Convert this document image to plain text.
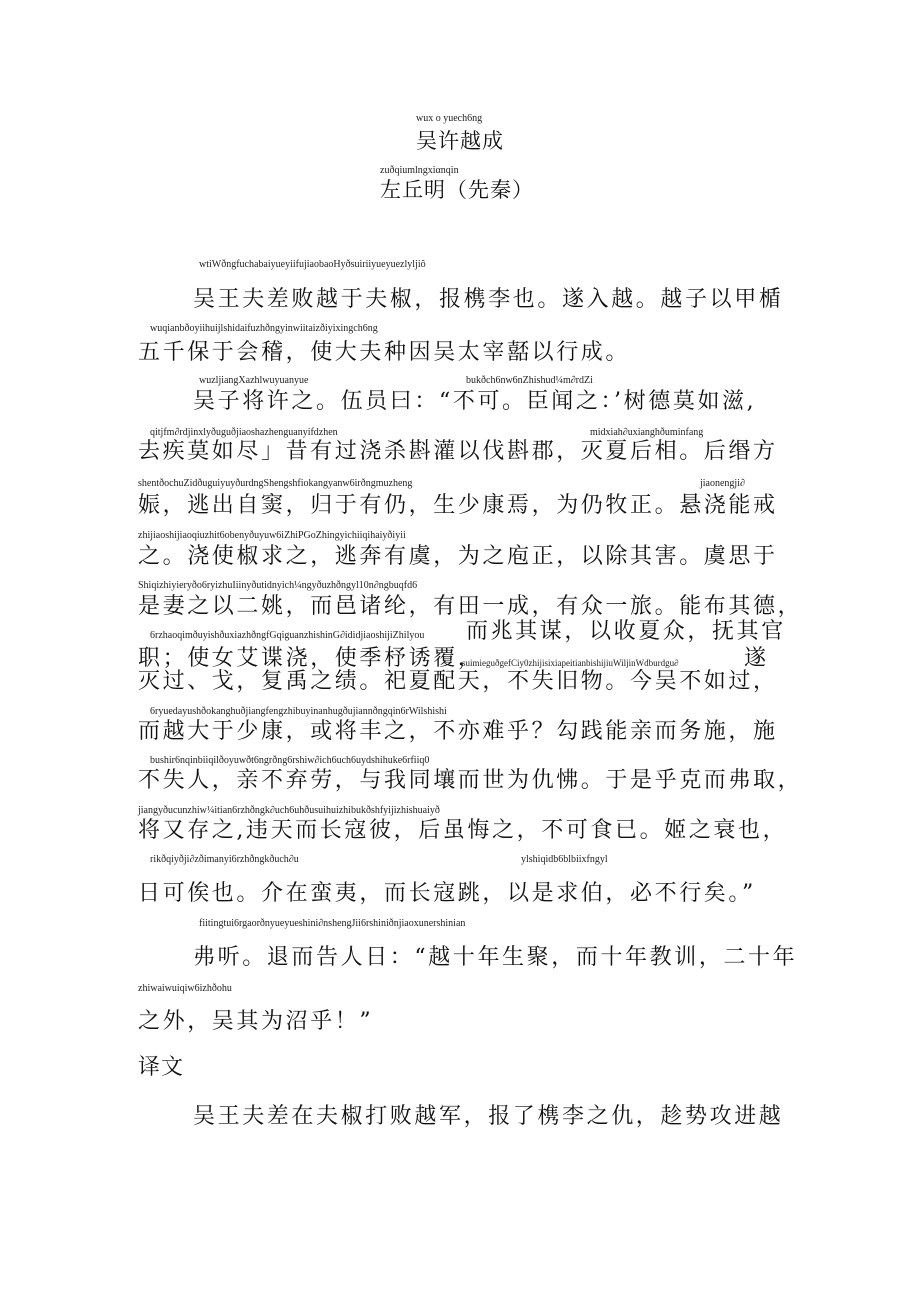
wux o yuech6ng
吴许越成
zuðqiumlngxiαnqin
左丘明（先秦）
wtiWðngfuchabaiyueyiifujiaobaoHyðsuiriiyueyuezlyljiȏ
吴王夫差败越于夫椒，报槜李也。遂入越。越子以甲楯
wuqianbðoyiihuijlshidaifuzhðngyinwiitaizðiyixingch6ng
五千保于会稽，使大夫种因吴太宰嚭以行成。
wuzljiangXazhlwuyuanyue	bukðch6nw6nZhishud¼m∂rdZi
吴子将许之。伍员曰：“不可。臣闻之：’树德莫如滋,
qitjfm∂rdjinxlyðuguðjiaoshazhenguanyifdzhen	midxiah∂uxianghðuminfang
去疾莫如尽」昔有过浇杀斟灌以伐斟郡，灭夏后相。后缗方
shentðochuZidðuguiyuyðurdngShengshfiokangyanw6irðngmuzheng	jiaonengji∂
娠，逃出自窦，归于有仍，生少康焉，为仍牧正。悬浇能戒
zhijiaoshijiaoqiuzhit6obenyðuyuw6iZhiPGoZhingyichiiqihaiyðiyii
之。浇使椒求之，逃奔有虞，为之庖正，以除其害。虞思于
Shiqizhiyieryðo6ryizhuIiinyðutidnyich¼ngyðuzhðngyl10n∂ngbuqfd6
是妻之以二姚，而邑诸纶，有田一成，有众一旅。能布其德，
6rzhaoqimðuyishðuxiazhðngfGqiguanzhishinG∂ididjiaoshijiZhilyou 而兆其谋，以收夏众，抚其官
职；使女艾谍浇，使季杼诱覆，
suimieguðgefCiy0zhijisixiapeitianbishijiuWiljinWdburdgu∂	遂
灭过、戈，复禹之绩。祀夏配天，不失旧物。今吴不如过，
6ryuedayushðokanghuðjiangfengzhibuyinanhugðujiannðngqin6rWilshishi
而越大于少康，或将丰之，不亦难乎？勾践能亲而务施，施
bushir6nqinbiiqilðoyuwðt6ngrðng6rshiw∂ich6uch6uydshihuke6rfiiq0
不失人，亲不弃劳，与我同壤而世为仇怫。于是乎克而弗取，
jiangyðucunzhiw¼itian6rzhðngk∂uch6uhðusuihuizhibukðshfyijizhishuaiyð
将又存之,违天而长寇彼，后虽悔之，不可食已。姬之衰也，
rikðqiyðji∂zðimanyi6rzhðngkðuch∂u	ylshiqidb6blbiixfngyl
日可俟也。介在蛮夷，而长寇跳，以是求伯，必不行矣。”
fiitingtui6rgaorðnyueyueshini∂nshengJii6rshiniðnjiaoxunershinian
弗听。退而告人日：“越十年生聚，而十年教训，二十年
zhiwaiwuiqiw6izhðohu
之外，吴其为沼乎！”
译文
吴王夫差在夫椒打败越军，报了槜李之仇，趁势攻进越
